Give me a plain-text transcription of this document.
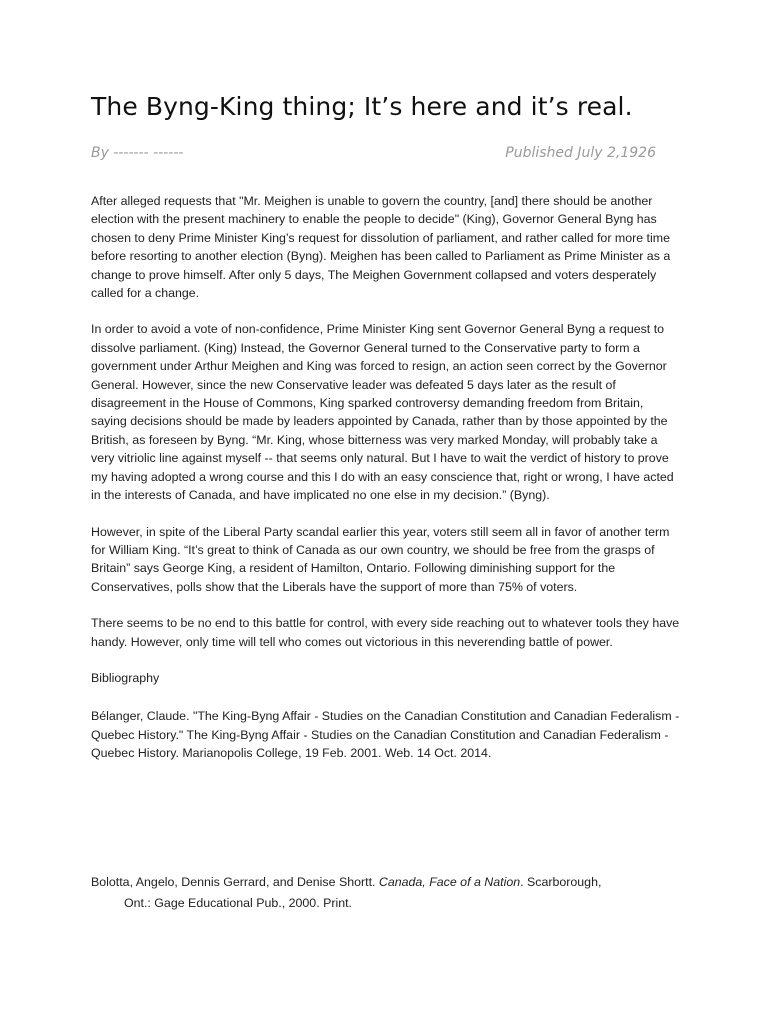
The Byng-King thing; It’s here and it’s real.
By ------- ------	Published July 2,1926

After alleged requests that "Mr. Meighen is unable to govern the country, [and] there should be another election with the present machinery to enable the people to decide" (King), Governor General Byng has chosen to deny Prime Minister King’s request for dissolution of parliament, and rather called for more time before resorting to another election (Byng). Meighen has been called to Parliament as Prime Minister as a change to prove himself. After only 5 days, The Meighen Government collapsed and voters desperately called for a change.

In order to avoid a vote of non-confidence, Prime Minister King sent Governor General Byng a request to dissolve parliament. (King) Instead, the Governor General turned to the Conservative party to form a government under Arthur Meighen and King was forced to resign, an action seen correct by the Governor General. However, since the new Conservative leader was defeated 5 days later as the result of disagreement in the House of Commons, King sparked controversy demanding freedom from Britain, saying decisions should be made by leaders appointed by Canada, rather than by those appointed by the British, as foreseen by Byng. “Mr. King, whose bitterness was very marked Monday, will probably take a very vitriolic line against myself -- that seems only natural. But I have to wait the verdict of history to prove my having adopted a wrong course and this I do with an easy conscience that, right or wrong, I have acted in the interests of Canada, and have implicated no one else in my decision.” (Byng).

However, in spite of the Liberal Party scandal earlier this year, voters still seem all in favor of another term for William King. “It’s great to think of Canada as our own country, we should be free from the grasps of Britain” says George King, a resident of Hamilton, Ontario. Following diminishing support for the Conservatives, polls show that the Liberals have the support of more than 75% of voters.

There seems to be no end to this battle for control, with every side reaching out to whatever tools they have handy. However, only time will tell who comes out victorious in this neverending battle of power.

Bibliography

Bélanger, Claude. "The King-Byng Affair - Studies on the Canadian Constitution and Canadian Federalism - Quebec History." The King-Byng Affair - Studies on the Canadian Constitution and Canadian Federalism - Quebec History. Marianopolis College, 19 Feb. 2001. Web. 14 Oct. 2014.

Bolotta, Angelo, Dennis Gerrard, and Denise Shortt. Canada, Face of a Nation. Scarborough,
Ont.: Gage Educational Pub., 2000. Print.
